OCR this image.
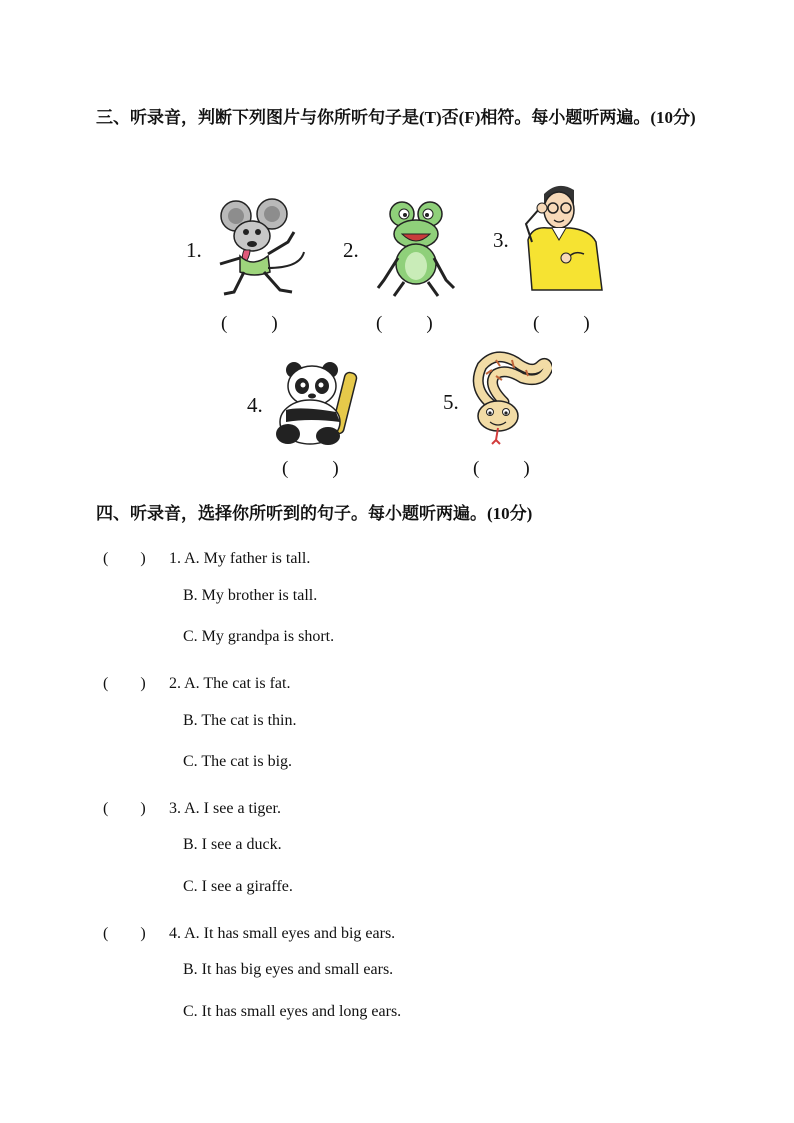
三、听录音，判断下列图片与你所听句子是(T)否(F)相符。每小题听两遍。(10分)
1.
( )
2.
( )
3.
( )
4.
( )
5.
( )
四、听录音，选择你所听到的句子。每小题听两遍。(10分)
(　　) 1. A. My father is tall.
B. My brother is tall.
C. My grandpa is short.
(　　) 2. A. The cat is fat.
B. The cat is thin.
C. The cat is big.
(　　) 3. A. I see a tiger.
B. I see a duck.
C. I see a giraffe.
(　　) 4. A. It has small eyes and big ears.
B. It has big eyes and small ears.
C. It has small eyes and long ears.
